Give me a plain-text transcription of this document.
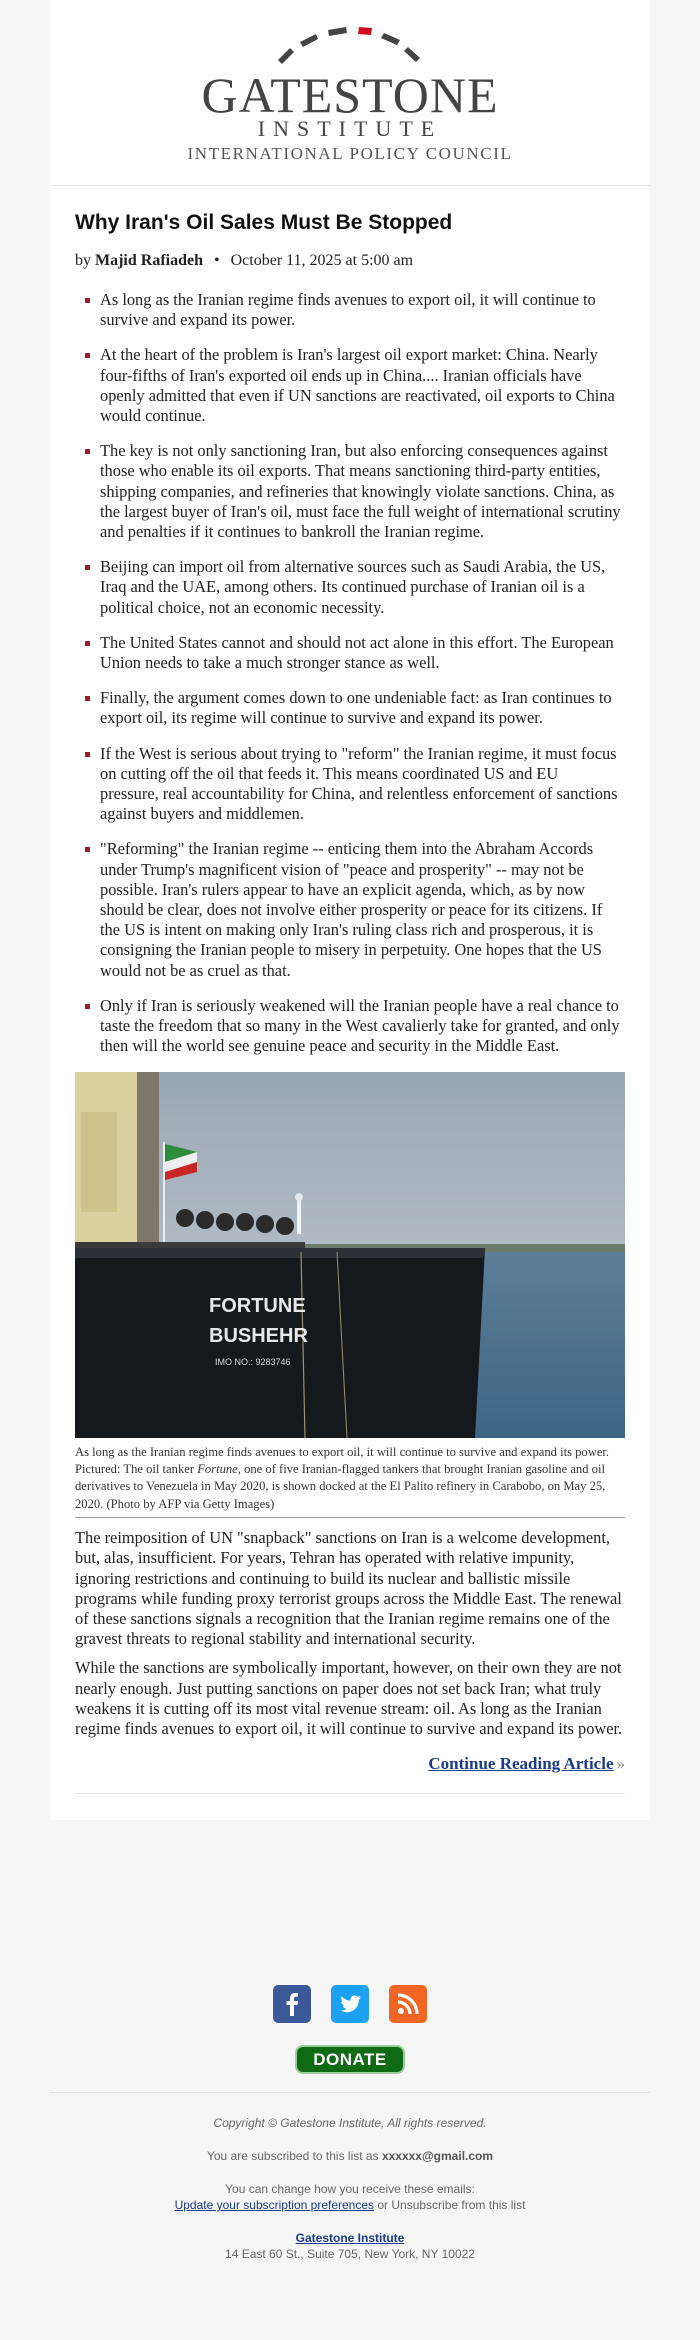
GATESTONE
INSTITUTE
INTERNATIONAL POLICY COUNCIL
Why Iran's Oil Sales Must Be Stopped
by Majid Rafiadeh • October 11, 2025 at 5:00 am
As long as the Iranian regime finds avenues to export oil, it will continue to survive and expand its power.
At the heart of the problem is Iran's largest oil export market: China. Nearly four-fifths of Iran's exported oil ends up in China.... Iranian officials have openly admitted that even if UN sanctions are reactivated, oil exports to China would continue.
The key is not only sanctioning Iran, but also enforcing consequences against those who enable its oil exports. That means sanctioning third-party entities, shipping companies, and refineries that knowingly violate sanctions. China, as the largest buyer of Iran's oil, must face the full weight of international scrutiny and penalties if it continues to bankroll the Iranian regime.
Beijing can import oil from alternative sources such as Saudi Arabia, the US, Iraq and the UAE, among others. Its continued purchase of Iranian oil is a political choice, not an economic necessity.
The United States cannot and should not act alone in this effort. The European Union needs to take a much stronger stance as well.
Finally, the argument comes down to one undeniable fact: as Iran continues to export oil, its regime will continue to survive and expand its power.
If the West is serious about trying to "reform" the Iranian regime, it must focus on cutting off the oil that feeds it. This means coordinated US and EU pressure, real accountability for China, and relentless enforcement of sanctions against buyers and middlemen.
"Reforming" the Iranian regime -- enticing them into the Abraham Accords under Trump's magnificent vision of "peace and prosperity" -- may not be possible. Iran's rulers appear to have an explicit agenda, which, as by now should be clear, does not involve either prosperity or peace for its citizens. If the US is intent on making only Iran's ruling class rich and prosperous, it is consigning the Iranian people to misery in perpetuity. One hopes that the US would not be as cruel as that.
Only if Iran is seriously weakened will the Iranian people have a real chance to taste the freedom that so many in the West cavalierly take for granted, and only then will the world see genuine peace and security in the Middle East.
FORTUNE
BUSHEHR
IMO NO.: 9283746

As long as the Iranian regime finds avenues to export oil, it will continue to survive and expand its power. Pictured: The oil tanker Fortune, one of five Iranian-flagged tankers that brought Iranian gasoline and oil derivatives to Venezuela in May 2020, is shown docked at the El Palito refinery in Carabobo, on May 25, 2020. (Photo by AFP via Getty Images)

The reimposition of UN "snapback" sanctions on Iran is a welcome development, but, alas, insufficient. For years, Tehran has operated with relative impunity, ignoring restrictions and continuing to build its nuclear and ballistic missile programs while funding proxy terrorist groups across the Middle East. The renewal of these sanctions signals a recognition that the Iranian regime remains one of the gravest threats to regional stability and international security.

While the sanctions are symbolically important, however, on their own they are not nearly enough. Just putting sanctions on paper does not set back Iran; what truly weakens it is cutting off its most vital revenue stream: oil. As long as the Iranian regime finds avenues to export oil, it will continue to survive and expand its power.

Continue Reading Article »

DONATE

Copyright © Gatestone Institute, All rights reserved.

You are subscribed to this list as xxxxxx@gmail.com

You can change how you receive these emails:

Update your subscription preferences or Unsubscribe from this list

Gatestone Institute

14 East 60 St., Suite 705, New York, NY 10022
